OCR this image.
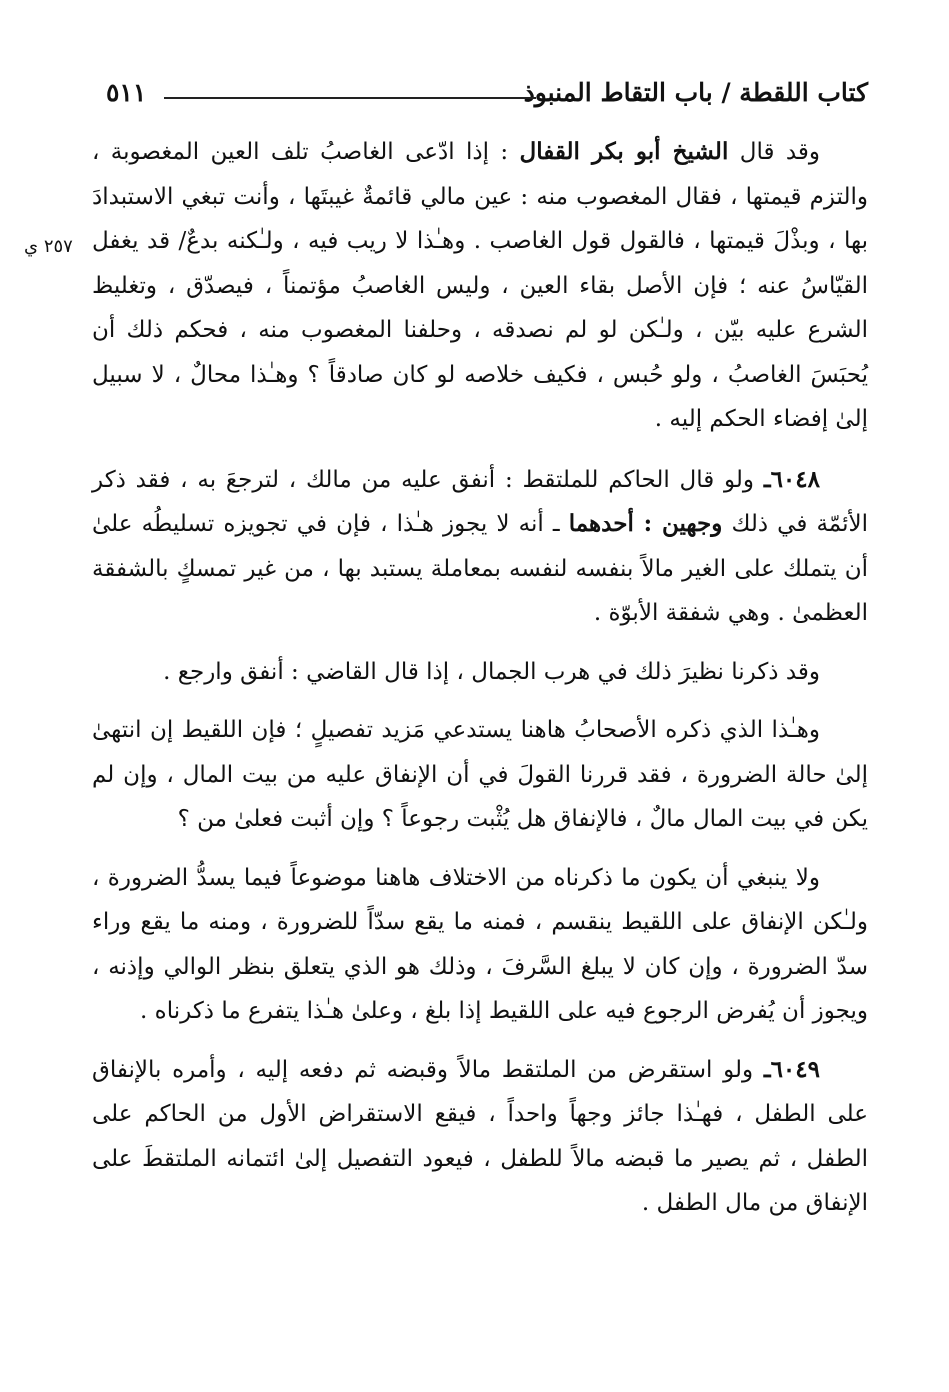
كتاب اللقطة / باب التقاط المنبوذ
٥١١
٢٥٧ ي

وقد قال الشيخ أبو بكر القفال : إذا ادّعى الغاصبُ تلف العين المغصوبة ، والتزم قيمتها ، فقال المغصوب منه : عين مالي قائمةٌ غيبتَها ، وأنت تبغي الاستبدادَ بها ، وبذْلَ قيمتها ، فالقول قول الغاصب . وهـٰذا لا ريب فيه ، ولـٰكنه بدعٌ/ قد يغفل القيّاسُ عنه ؛ فإن الأصل بقاء العين ، وليس الغاصبُ مؤتمناً ، فيصدّق ، وتغليظ الشرع عليه بيّن ، ولـٰكن لو لم نصدقه ، وحلفنا المغصوب منه ، فحكم ذلك أن يُحبَسَ الغاصبُ ، ولو حُبس ، فكيف خلاصه لو كان صادقاً ؟ وهـٰذا محالٌ ، لا سبيل إلىٰ إفضاء الحكم إليه .

٦٠٤٨ـ ولو قال الحاكم للملتقط : أنفق عليه من مالك ، لترجعَ به ، فقد ذكر الأئمّة في ذلك وجهين : أحدهما ـ أنه لا يجوز هـٰذا ، فإن في تجويزه تسليطُه علىٰ أن يتملك على الغير مالاً بنفسه لنفسه بمعاملة يستبد بها ، من غير تمسكٍ بالشفقة العظمىٰ . وهي شفقة الأبوّة .

وقد ذكرنا نظيرَ ذلك في هرب الجمال ، إذا قال القاضي : أنفق وارجع .

وهـٰذا الذي ذكره الأصحابُ هاهنا يستدعي مَزيد تفصيلٍ ؛ فإن اللقيط إن انتهىٰ إلىٰ حالة الضرورة ، فقد قررنا القولَ في أن الإنفاق عليه من بيت المال ، وإن لم يكن في بيت المال مالٌ ، فالإنفاق هل يُثْبت رجوعاً ؟ وإن أثبت فعلىٰ من ؟

ولا ينبغي أن يكون ما ذكرناه من الاختلاف هاهنا موضوعاً فيما يسدُّ الضرورة ، ولـٰكن الإنفاق على اللقيط ينقسم ، فمنه ما يقع سدّاً للضرورة ، ومنه ما يقع وراء سدّ الضرورة ، وإن كان لا يبلغ السَّرفَ ، وذلك هو الذي يتعلق بنظر الوالي وإذنه ، ويجوز أن يُفرض الرجوع فيه على اللقيط إذا بلغ ، وعلىٰ هـٰذا يتفرع ما ذكرناه .

٦٠٤٩ـ ولو استقرض من الملتقط مالاً وقبضه ثم دفعه إليه ، وأمره بالإنفاق على الطفل ، فهـٰذا جائز وجهاً واحداً ، فيقع الاستقراض الأول من الحاكم على الطفل ، ثم يصير ما قبضه مالاً للطفل ، فيعود التفصيل إلىٰ ائتمانه الملتقطَ على الإنفاق من مال الطفل .
